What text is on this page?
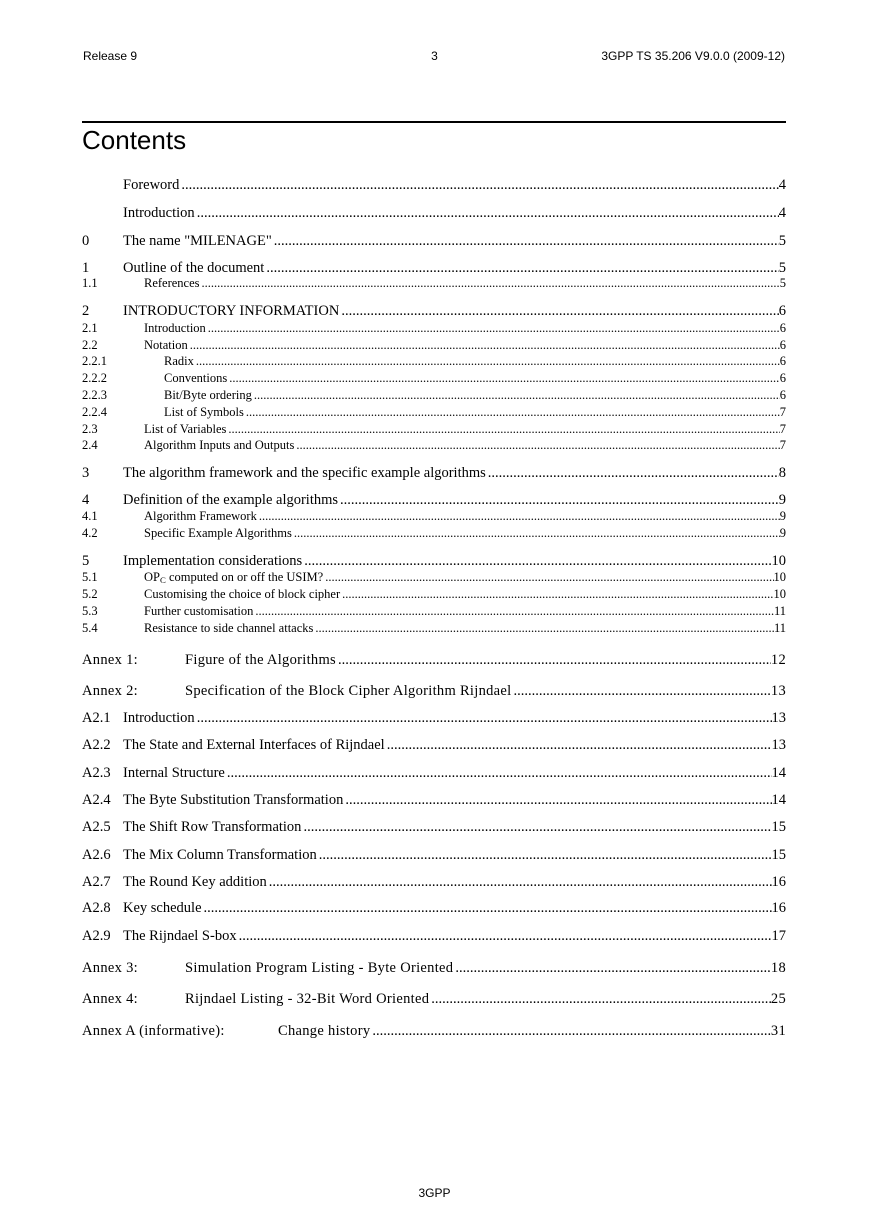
Release 9	3	3GPP TS 35.206 V9.0.0 (2009-12)
Contents
Foreword .....	4
Introduction .....	4
0	The name "MILENAGE" .....	5
1	Outline of the document .....	5
1.1	References .....	5
2	INTRODUCTORY INFORMATION .....	6
2.1	Introduction .....	6
2.2	Notation .....	6
2.2.1	Radix .....	6
2.2.2	Conventions .....	6
2.2.3	Bit/Byte ordering .....	6
2.2.4	List of Symbols .....	7
2.3	List of Variables .....	7
2.4	Algorithm Inputs and Outputs .....	7
3	The algorithm framework and the specific example algorithms .....	8
4	Definition of the example algorithms .....	9
4.1	Algorithm Framework .....	9
4.2	Specific Example Algorithms .....	9
5	Implementation considerations .....	10
5.1	$OP_C$ computed on or off the USIM? .....	10
5.2	Customising the choice of block cipher .....	10
5.3	Further customisation .....	11
5.4	Resistance to side channel attacks .....	11
Annex 1:	Figure of the Algorithms .....	12
Annex 2:	Specification of the Block Cipher Algorithm Rijndael .....	13
A2.1 Introduction .....	13
A2.2 The State and External Interfaces of Rijndael .....	13
A2.3 Internal Structure .....	14
A2.4 The Byte Substitution Transformation .....	14
A2.5 The Shift Row Transformation .....	15
A2.6 The Mix Column Transformation .....	15
A2.7 The Round Key addition .....	16
A2.8 Key schedule .....	16
A2.9 The Rijndael S-box .....	17
Annex 3:	Simulation Program Listing - Byte Oriented .....	18
Annex 4:	Rijndael Listing - 32-Bit Word Oriented .....	25
Annex A (informative):	Change history .....	31
3GPP
